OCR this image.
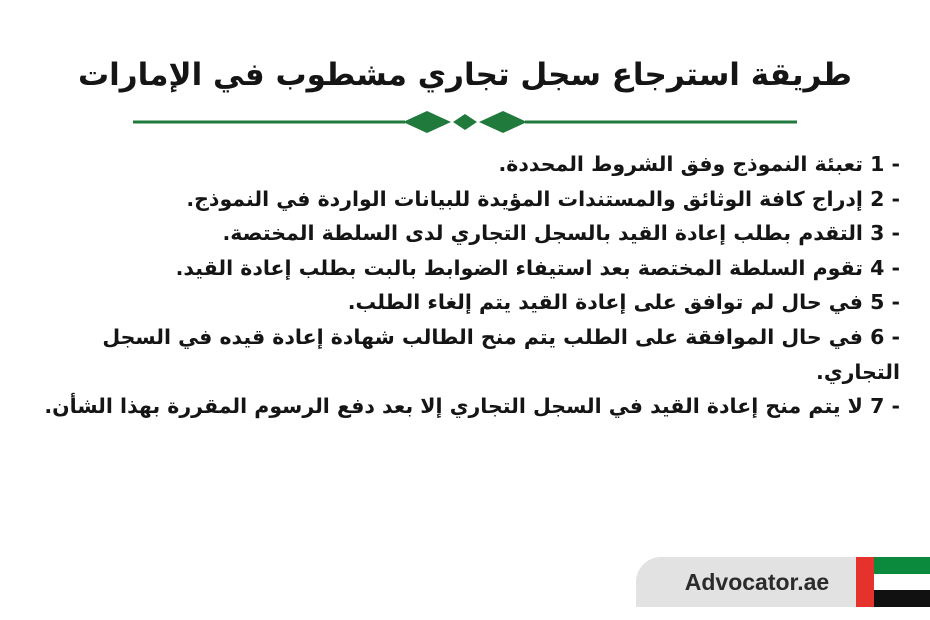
طريقة استرجاع سجل تجاري مشطوب في الإمارات

1 - تعبئة النموذج وفق الشروط المحددة.

2 - إدراج كافة الوثائق والمستندات المؤيدة للبيانات الواردة في النموذج.

3 - التقدم بطلب إعادة القيد بالسجل التجاري لدى السلطة المختصة.

4 - تقوم السلطة المختصة بعد استيفاء الضوابط بالبت بطلب إعادة القيد.

5 - في حال لم توافق على إعادة القيد يتم إلغاء الطلب.

6 - في حال الموافقة على الطلب يتم منح الطالب شهادة إعادة قيده في السجل التجاري.

7 - لا يتم منح إعادة القيد في السجل التجاري إلا بعد دفع الرسوم المقررة بهذا الشأن.

Advocator.ae
